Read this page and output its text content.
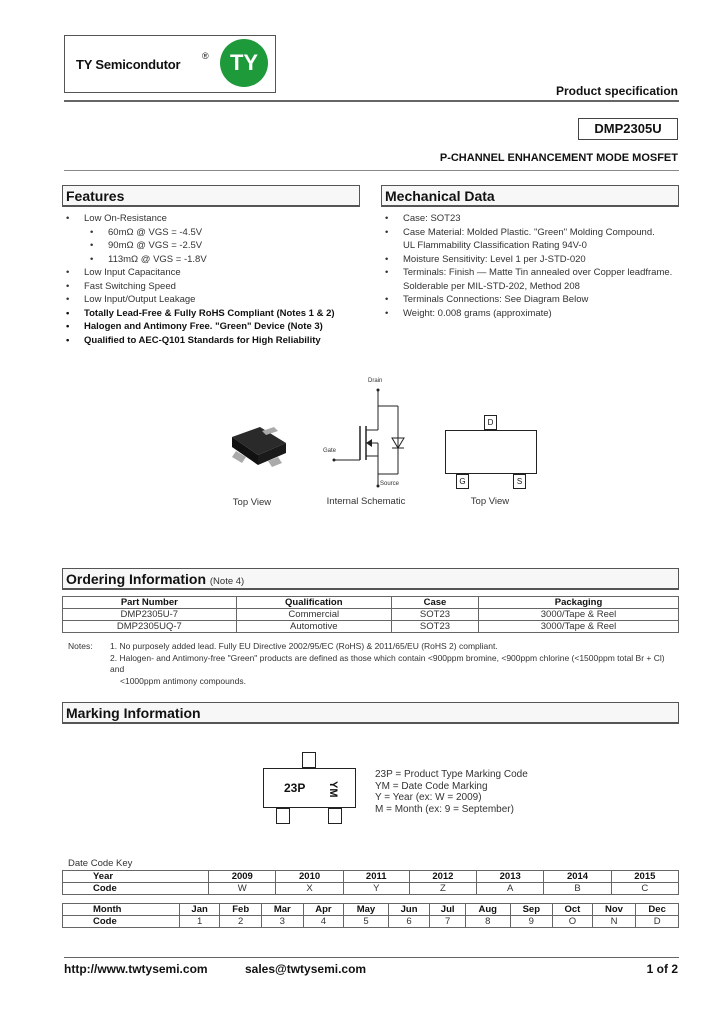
TY Semicondutor
® TY
Product specification
DMP2305U
P-CHANNEL ENHANCEMENT MODE MOSFET
Features
• Low On-Resistance
• 60mΩ @ VGS = -4.5V
• 90mΩ @ VGS = -2.5V
• 113mΩ @ VGS = -1.8V
• Low Input Capacitance
• Fast Switching Speed
• Low Input/Output Leakage
• Totally Lead-Free & Fully RoHS Compliant (Notes 1 & 2)
• Halogen and Antimony Free. "Green" Device (Note 3)
• Qualified to AEC-Q101 Standards for High Reliability
Mechanical Data
• Case: SOT23
• Case Material: Molded Plastic. "Green" Molding Compound.
UL Flammability Classification Rating 94V-0
• Moisture Sensitivity: Level 1 per J-STD-020
• Terminals: Finish — Matte Tin annealed over Copper leadframe.
Solderable per MIL-STD-202, Method 208
• Terminals Connections: See Diagram Below
• Weight: 0.008 grams (approximate)
Top View
Drain
Gate
Source
Internal Schematic
D
G	S
Top View
Ordering Information (Note 4)
Part Number	Qualification	Case	Packaging
DMP2305U-7	Commercial	SOT23	3000/Tape & Reel
DMP2305UQ-7	Automotive	SOT23	3000/Tape & Reel
Notes: 1. No purposely added lead. Fully EU Directive 2002/95/EC (RoHS) & 2011/65/EU (RoHS 2) compliant.
2. Halogen- and Antimony-free "Green" products are defined as those which contain <900ppm bromine, <900ppm chlorine (<1500ppm total Br + Cl) and
<1000ppm antimony compounds.
Marking Information
23P YM
23P = Product Type Marking Code
YM = Date Code Marking
Y = Year (ex: W = 2009)
M = Month (ex: 9 = September)
Date Code Key
Year	2009	2010	2011	2012	2013	2014	2015
Code	W	X	Y	Z	A	B	C
Month	Jan	Feb	Mar	Apr	May	Jun	Jul	Aug	Sep	Oct	Nov	Dec
Code	1	2	3	4	5	6	7	8	9	O	N	D
http://www.twtysemi.com	sales@twtysemi.com	1 of 2
